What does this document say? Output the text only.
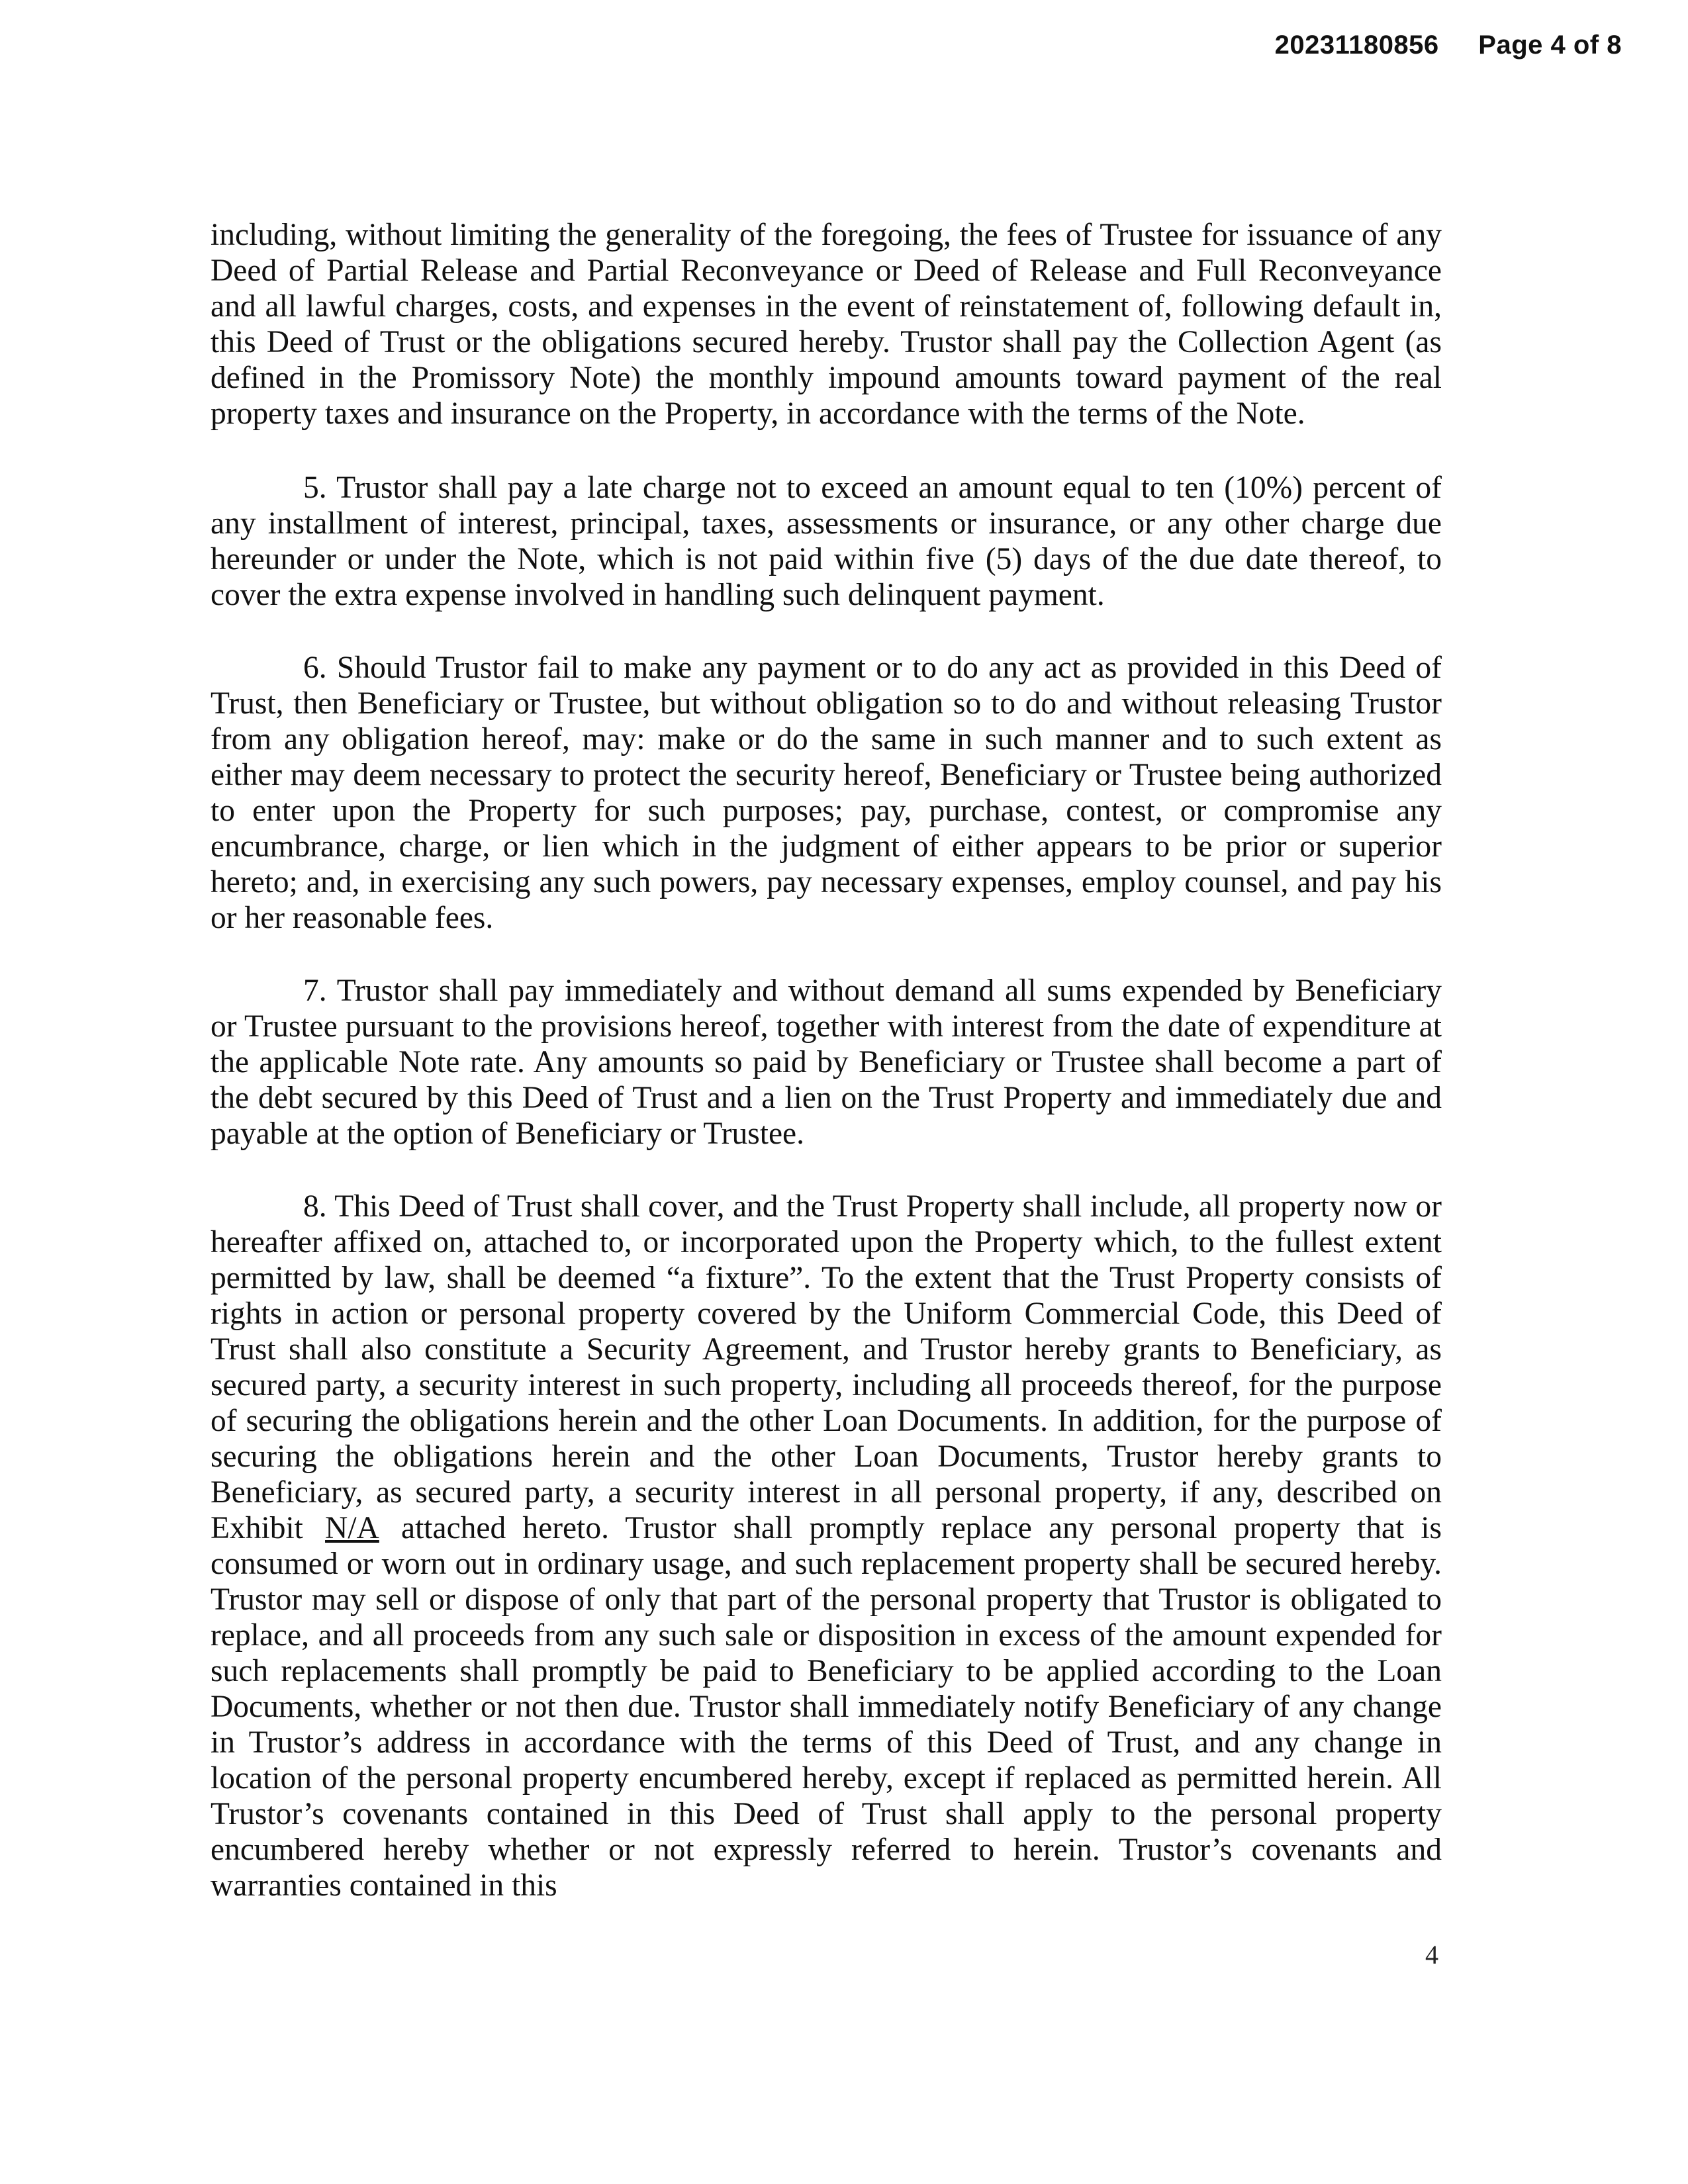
20231180856 Page 4 of 8

including, without limiting the generality of the foregoing, the fees of Trustee for issuance of any Deed of Partial Release and Partial Reconveyance or Deed of Release and Full Reconveyance and all lawful charges, costs, and expenses in the event of reinstatement of, following default in, this Deed of Trust or the obligations secured hereby. Trustor shall pay the Collection Agent (as defined in the Promissory Note) the monthly impound amounts toward payment of the real property taxes and insurance on the Property, in accordance with the terms of the Note.

5. Trustor shall pay a late charge not to exceed an amount equal to ten (10%) percent of any installment of interest, principal, taxes, assessments or insurance, or any other charge due hereunder or under the Note, which is not paid within five (5) days of the due date thereof, to cover the extra expense involved in handling such delinquent payment.

6. Should Trustor fail to make any payment or to do any act as provided in this Deed of Trust, then Beneficiary or Trustee, but without obligation so to do and without releasing Trustor from any obligation hereof, may: make or do the same in such manner and to such extent as either may deem necessary to protect the security hereof, Beneficiary or Trustee being authorized to enter upon the Property for such purposes; pay, purchase, contest, or compromise any encumbrance, charge, or lien which in the judgment of either appears to be prior or superior hereto; and, in exercising any such powers, pay necessary expenses, employ counsel, and pay his or her reasonable fees.

7. Trustor shall pay immediately and without demand all sums expended by Beneficiary or Trustee pursuant to the provisions hereof, together with interest from the date of expenditure at the applicable Note rate. Any amounts so paid by Beneficiary or Trustee shall become a part of the debt secured by this Deed of Trust and a lien on the Trust Property and immediately due and payable at the option of Beneficiary or Trustee.

8. This Deed of Trust shall cover, and the Trust Property shall include, all property now or hereafter affixed on, attached to, or incorporated upon the Property which, to the fullest extent permitted by law, shall be deemed “a fixture”. To the extent that the Trust Property consists of rights in action or personal property covered by the Uniform Commercial Code, this Deed of Trust shall also constitute a Security Agreement, and Trustor hereby grants to Beneficiary, as secured party, a security interest in such property, including all proceeds thereof, for the purpose of securing the obligations herein and the other Loan Documents. In addition, for the purpose of securing the obligations herein and the other Loan Documents, Trustor hereby grants to Beneficiary, as secured party, a security interest in all personal property, if any, described on Exhibit N/A attached hereto. Trustor shall promptly replace any personal property that is consumed or worn out in ordinary usage, and such replacement property shall be secured hereby. Trustor may sell or dispose of only that part of the personal property that Trustor is obligated to replace, and all proceeds from any such sale or disposition in excess of the amount expended for such replacements shall promptly be paid to Beneficiary to be applied according to the Loan Documents, whether or not then due. Trustor shall immediately notify Beneficiary of any change in Trustor’s address in accordance with the terms of this Deed of Trust, and any change in location of the personal property encumbered hereby, except if replaced as permitted herein. All Trustor’s covenants contained in this Deed of Trust shall apply to the personal property encumbered hereby whether or not expressly referred to herein. Trustor’s covenants and warranties contained in this

4
